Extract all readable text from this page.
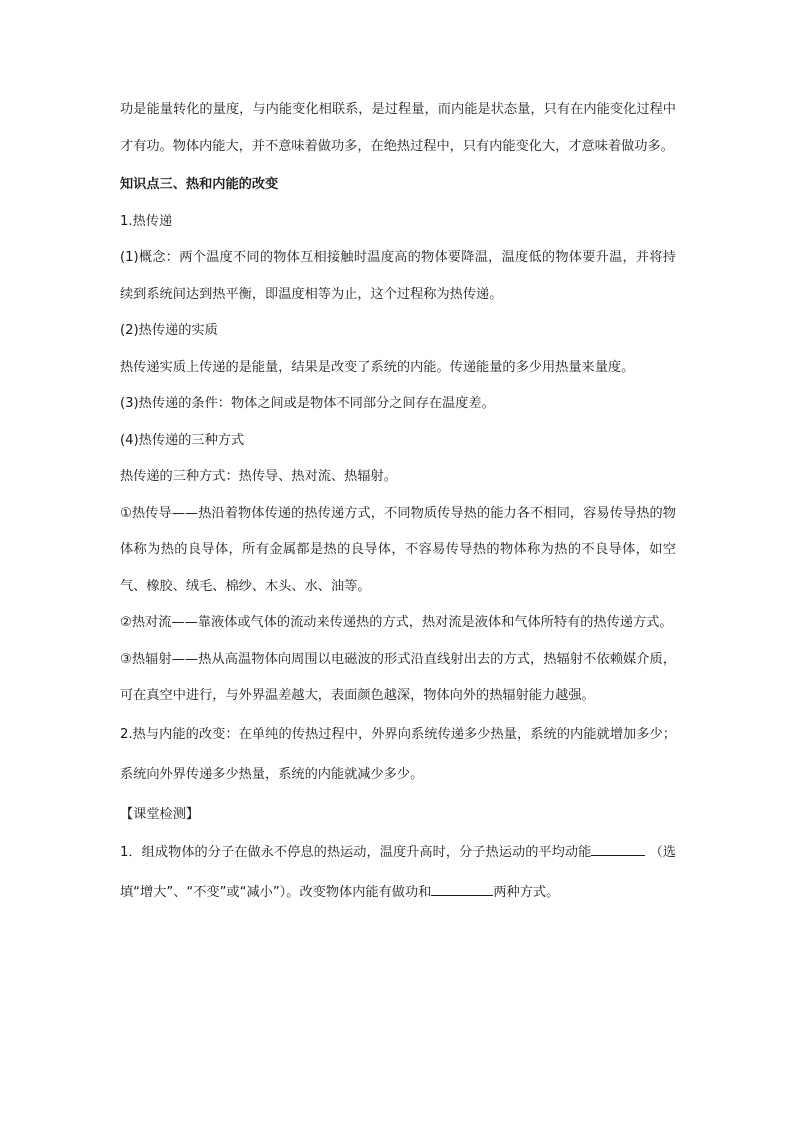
功是能量转化的量度，与内能变化相联系，是过程量，而内能是状态量，只有在内能变化过程中才有功。物体内能大，并不意味着做功多，在绝热过程中，只有内能变化大，才意味着做功多。

知识点三、热和内能的改变

1.热传递

(1)概念：两个温度不同的物体互相接触时温度高的物体要降温，温度低的物体要升温，并将持续到系统间达到热平衡，即温度相等为止，这个过程称为热传递。

(2)热传递的实质

热传递实质上传递的是能量，结果是改变了系统的内能。传递能量的多少用热量来量度。

(3)热传递的条件：物体之间或是物体不同部分之间存在温度差。

(4)热传递的三种方式

热传递的三种方式：热传导、热对流、热辐射。

①热传导——热沿着物体传递的热传递方式，不同物质传导热的能力各不相同，容易传导热的物体称为热的良导体，所有金属都是热的良导体，不容易传导热的物体称为热的不良导体，如空气、橡胶、绒毛、棉纱、木头、水、油等。

②热对流——靠液体或气体的流动来传递热的方式，热对流是液体和气体所特有的热传递方式。

③热辐射——热从高温物体向周围以电磁波的形式沿直线射出去的方式，热辐射不依赖媒介质，可在真空中进行，与外界温差越大，表面颜色越深，物体向外的热辐射能力越强。

2.热与内能的改变：在单纯的传热过程中，外界向系统传递多少热量，系统的内能就增加多少；系统向外界传递多少热量，系统的内能就减少多少。

【课堂检测】

1．组成物体的分子在做永不停息的热运动，温度升高时，分子热运动的平均动能	（选填“增大”、“不变”或“减小”）。改变物体内能有做功和	两种方式。
